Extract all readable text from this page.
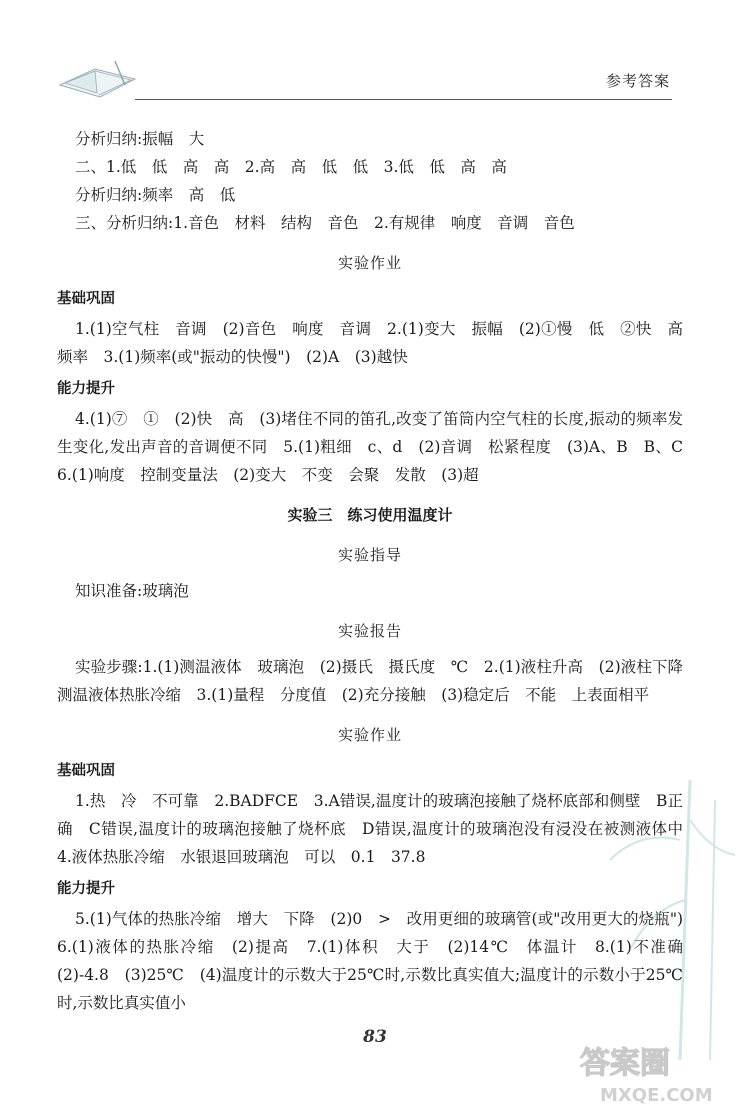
参考答案

分析归纳:振幅　大

二、1.低　低　高　高　2.高　高　低　低　3.低　低　高　高

分析归纳:频率　高　低

三、分析归纳:1.音色　材料　结构　音色　2.有规律　响度　音调　音色

实验作业
基础巩固

1.(1)空气柱　音调　(2)音色　响度　音调　2.(1)变大　振幅　(2)①慢　低　②快　高　频率　3.(1)频率(或"振动的快慢")　(2)A　(3)越快

能力提升

4.(1)⑦　①　(2)快　高　(3)堵住不同的笛孔,改变了笛筒内空气柱的长度,振动的频率发生变化,发出声音的音调便不同　5.(1)粗细　c、d　(2)音调　松紧程度　(3)A、B　B、C　6.(1)响度　控制变量法　(2)变大　不变　会聚　发散　(3)超

实验三　练习使用温度计
实验指导

知识准备:玻璃泡

实验报告

实验步骤:1.(1)测温液体　玻璃泡　(2)摄氏　摄氏度　℃　2.(1)液柱升高　(2)液柱下降　测温液体热胀冷缩　3.(1)量程　分度值　(2)充分接触　(3)稳定后　不能　上表面相平

实验作业
基础巩固

1.热　冷　不可靠　2.BADFCE　3.A错误,温度计的玻璃泡接触了烧杯底部和侧壁　B正确　C错误,温度计的玻璃泡接触了烧杯底　D错误,温度计的玻璃泡没有浸没在被测液体中　4.液体热胀冷缩　水银退回玻璃泡　可以　0.1　37.8

能力提升

5.(1)气体的热胀冷缩　增大　下降　(2)0　>　改用更细的玻璃管(或"改用更大的烧瓶")　6.(1)液体的热胀冷缩　(2)提高　7.(1)体积　大于　(2)14℃　体温计　8.(1)不准确　(2)-4.8　(3)25℃　(4)温度计的示数大于25℃时,示数比真实值大;温度计的示数小于25℃时,示数比真实值小

83
答案圈
MXQE.COM
